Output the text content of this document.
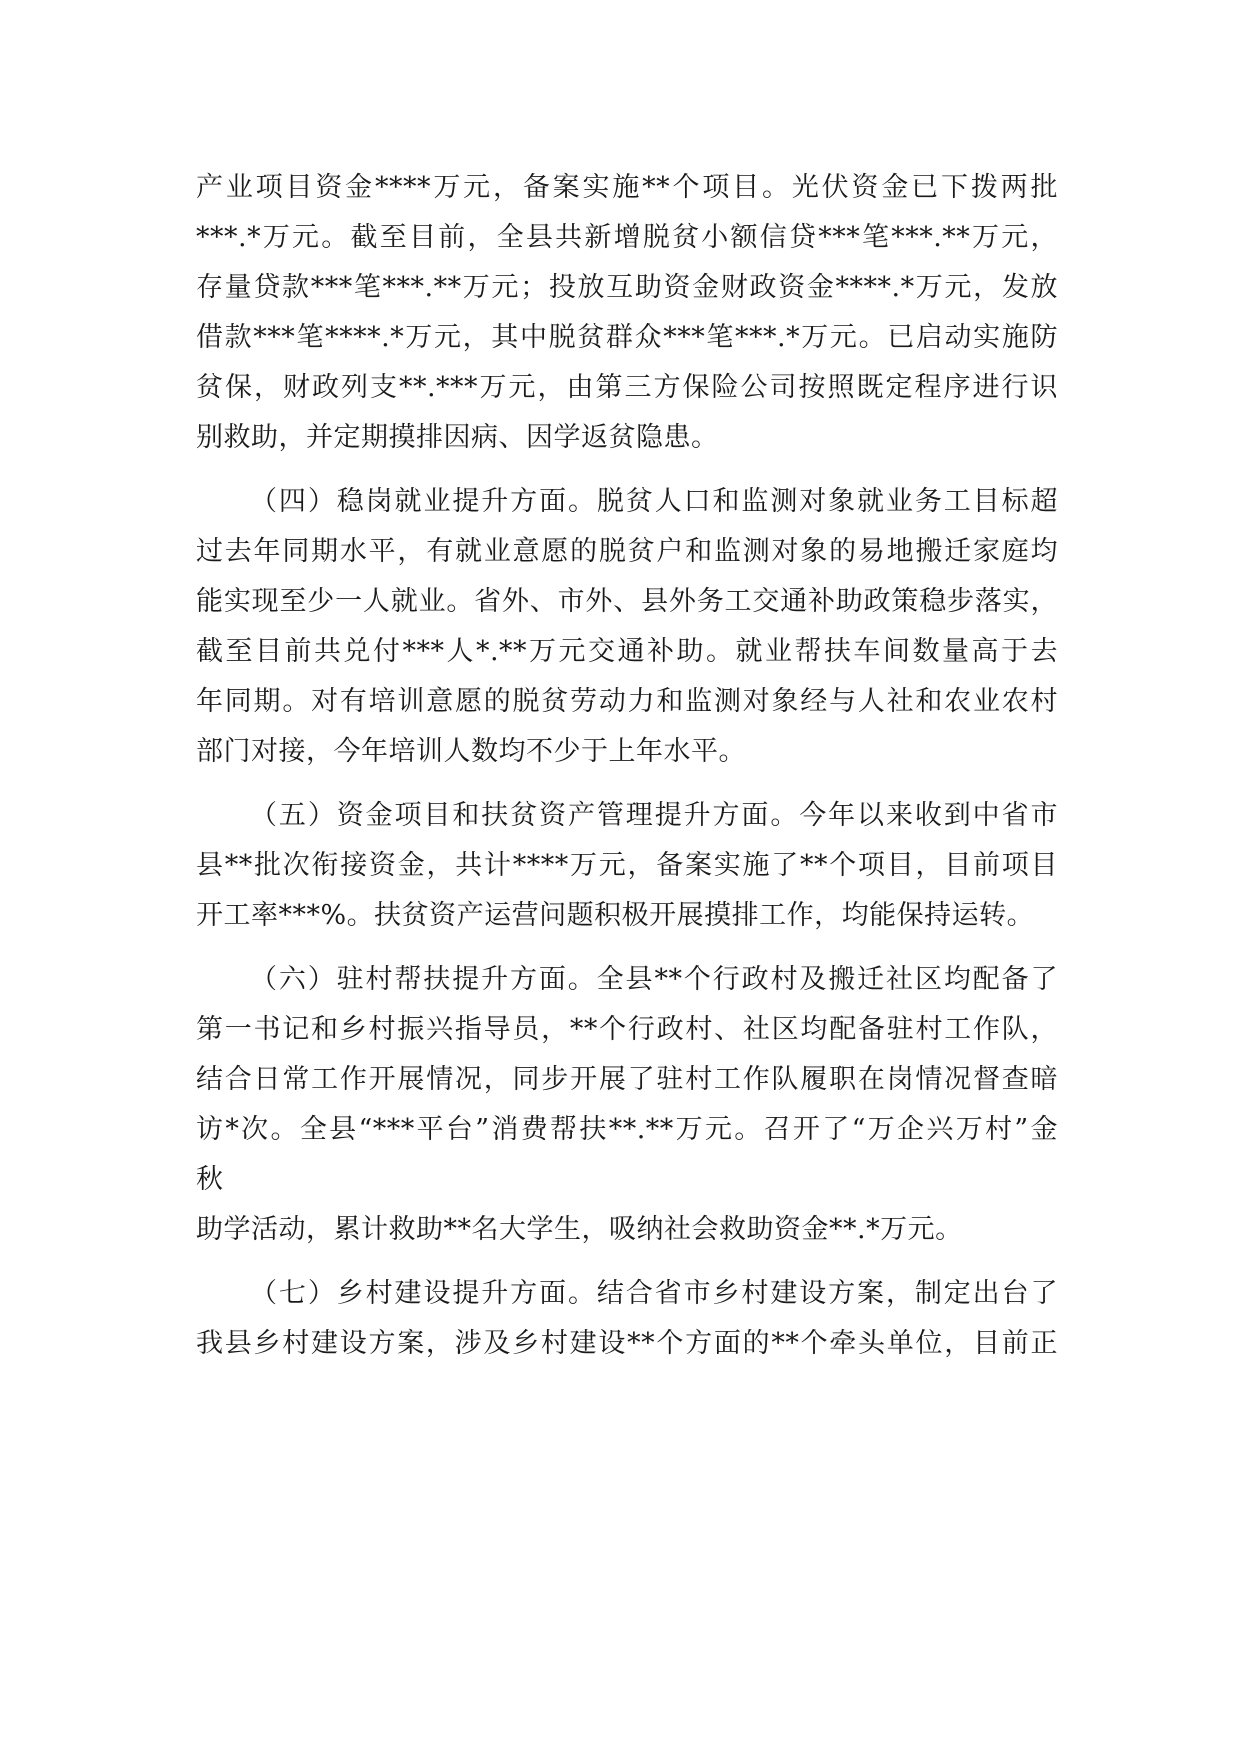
产业项目资金****万元，备案实施**个项目。光伏资金已下拨两批
***.*万元。截至目前，全县共新增脱贫小额信贷***笔***.**万元，
存量贷款***笔***.**万元；投放互助资金财政资金****.*万元，发放
借款***笔****.*万元，其中脱贫群众***笔***.*万元。已启动实施防
贫保，财政列支**.***万元，由第三方保险公司按照既定程序进行识
别救助，并定期摸排因病、因学返贫隐患。
（四）稳岗就业提升方面。脱贫人口和监测对象就业务工目标超
过去年同期水平，有就业意愿的脱贫户和监测对象的易地搬迁家庭均
能实现至少一人就业。省外、市外、县外务工交通补助政策稳步落实，
截至目前共兑付***人*.**万元交通补助。就业帮扶车间数量高于去
年同期。对有培训意愿的脱贫劳动力和监测对象经与人社和农业农村
部门对接，今年培训人数均不少于上年水平。
（五）资金项目和扶贫资产管理提升方面。今年以来收到中省市
县**批次衔接资金，共计****万元，备案实施了**个项目，目前项目
开工率***%。扶贫资产运营问题积极开展摸排工作，均能保持运转。
（六）驻村帮扶提升方面。全县**个行政村及搬迁社区均配备了
第一书记和乡村振兴指导员，**个行政村、社区均配备驻村工作队，
结合日常工作开展情况，同步开展了驻村工作队履职在岗情况督查暗
访*次。全县“***平台”消费帮扶**.**万元。召开了“万企兴万村”金
秋
助学活动，累计救助**名大学生，吸纳社会救助资金**.*万元。
（七）乡村建设提升方面。结合省市乡村建设方案，制定出台了
我县乡村建设方案，涉及乡村建设**个方面的**个牵头单位，目前正
